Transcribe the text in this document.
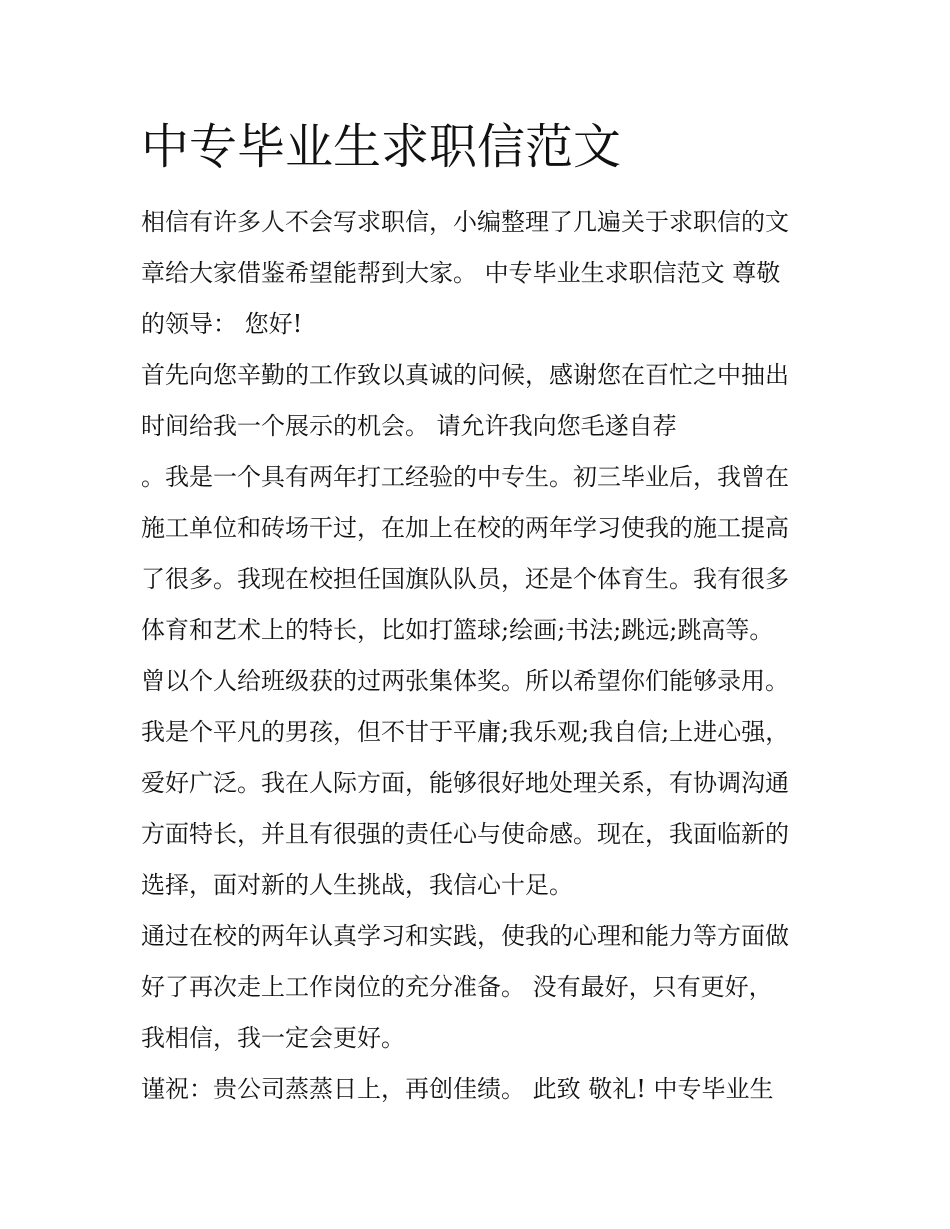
中专毕业生求职信范文
相信有许多人不会写求职信，小编整理了几遍关于求职信的文
章给大家借鉴希望能帮到大家。 中专毕业生求职信范文 尊敬
的领导： 您好!
首先向您辛勤的工作致以真诚的问候，感谢您在百忙之中抽出
时间给我一个展示的机会。 请允许我向您毛遂自荐
。我是一个具有两年打工经验的中专生。初三毕业后，我曾在
施工单位和砖场干过，在加上在校的两年学习使我的施工提高
了很多。我现在校担任国旗队队员，还是个体育生。我有很多
体育和艺术上的特长，比如打篮球;绘画;书法;跳远;跳高等。
曾以个人给班级获的过两张集体奖。所以希望你们能够录用。
我是个平凡的男孩，但不甘于平庸;我乐观;我自信;上进心强，
爱好广泛。我在人际方面，能够很好地处理关系，有协调沟通
方面特长，并且有很强的责任心与使命感。现在，我面临新的
选择，面对新的人生挑战，我信心十足。
通过在校的两年认真学习和实践，使我的心理和能力等方面做
好了再次走上工作岗位的充分准备。 没有最好，只有更好，
我相信，我一定会更好。
谨祝：贵公司蒸蒸日上，再创佳绩。 此致 敬礼! 中专毕业生
